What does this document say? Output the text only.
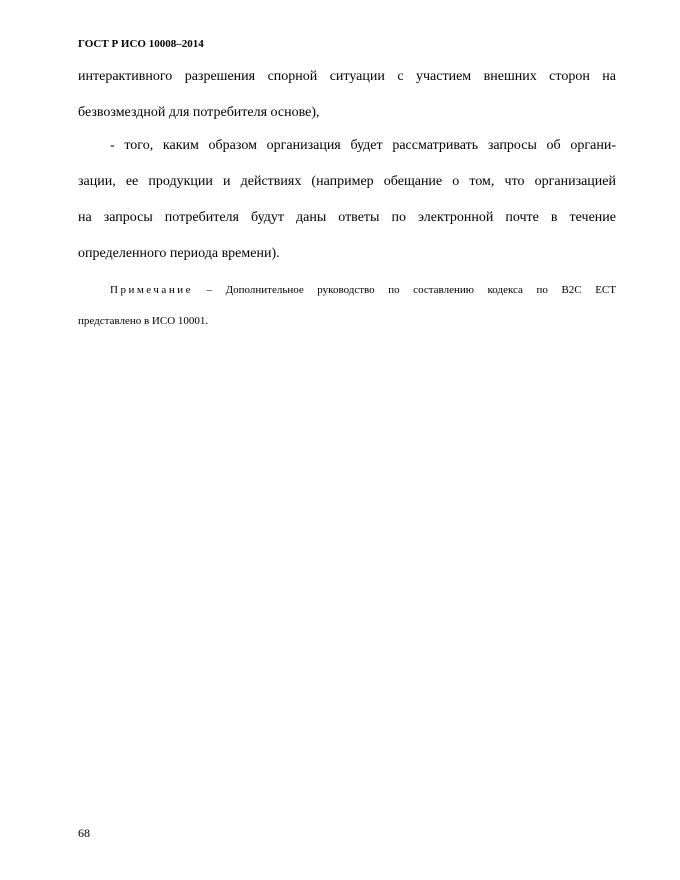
ГОСТ Р ИСО 10008–2014
интерактивного разрешения спорной ситуации с участием внешних сторон на
безвозмездной для потребителя основе),
- того, каким образом организация будет рассматривать запросы об органи-
зации, ее продукции и действиях (например обещание о том, что организацией
на запросы потребителя будут даны ответы по электронной почте в течение
определенного периода времени).
Примечание – Дополнительное руководство по составлению кодекса по В2С ЕСТ
представлено в ИСО 10001.
68
